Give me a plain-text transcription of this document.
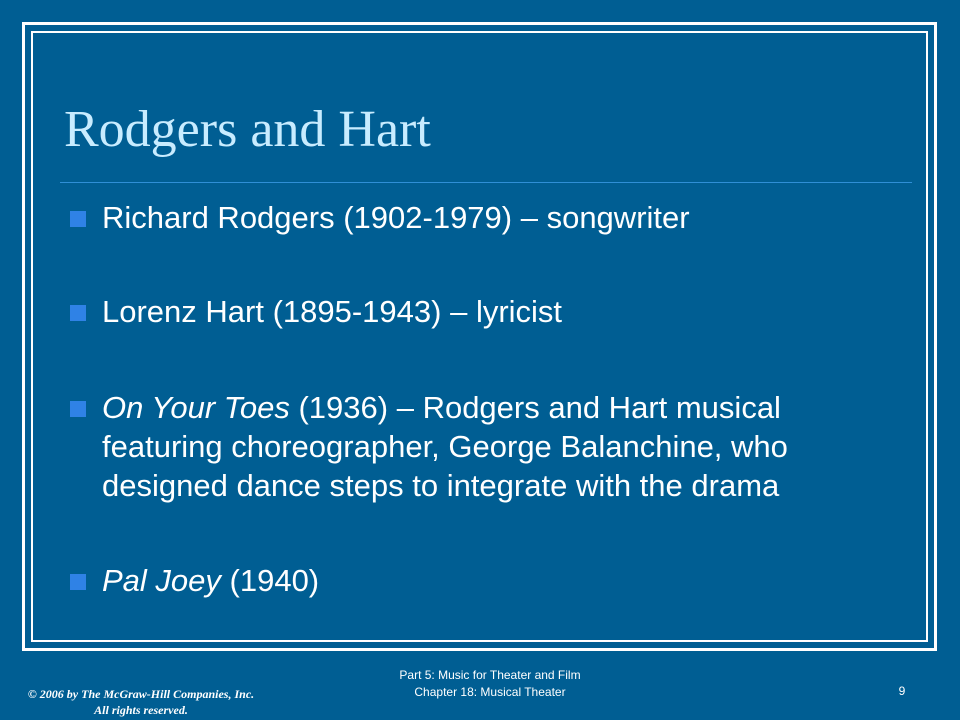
Rodgers and Hart

Richard Rodgers (1902-1979) – songwriter

Lorenz Hart (1895-1943) – lyricist

On Your Toes (1936) – Rodgers and Hart musical featuring choreographer, George Balanchine, who designed dance steps to integrate with the drama

Pal Joey (1940)

© 2006 by The McGraw-Hill Companies, Inc.
All rights reserved.
Part 5: Music for Theater and Film
Chapter 18: Musical Theater	9
